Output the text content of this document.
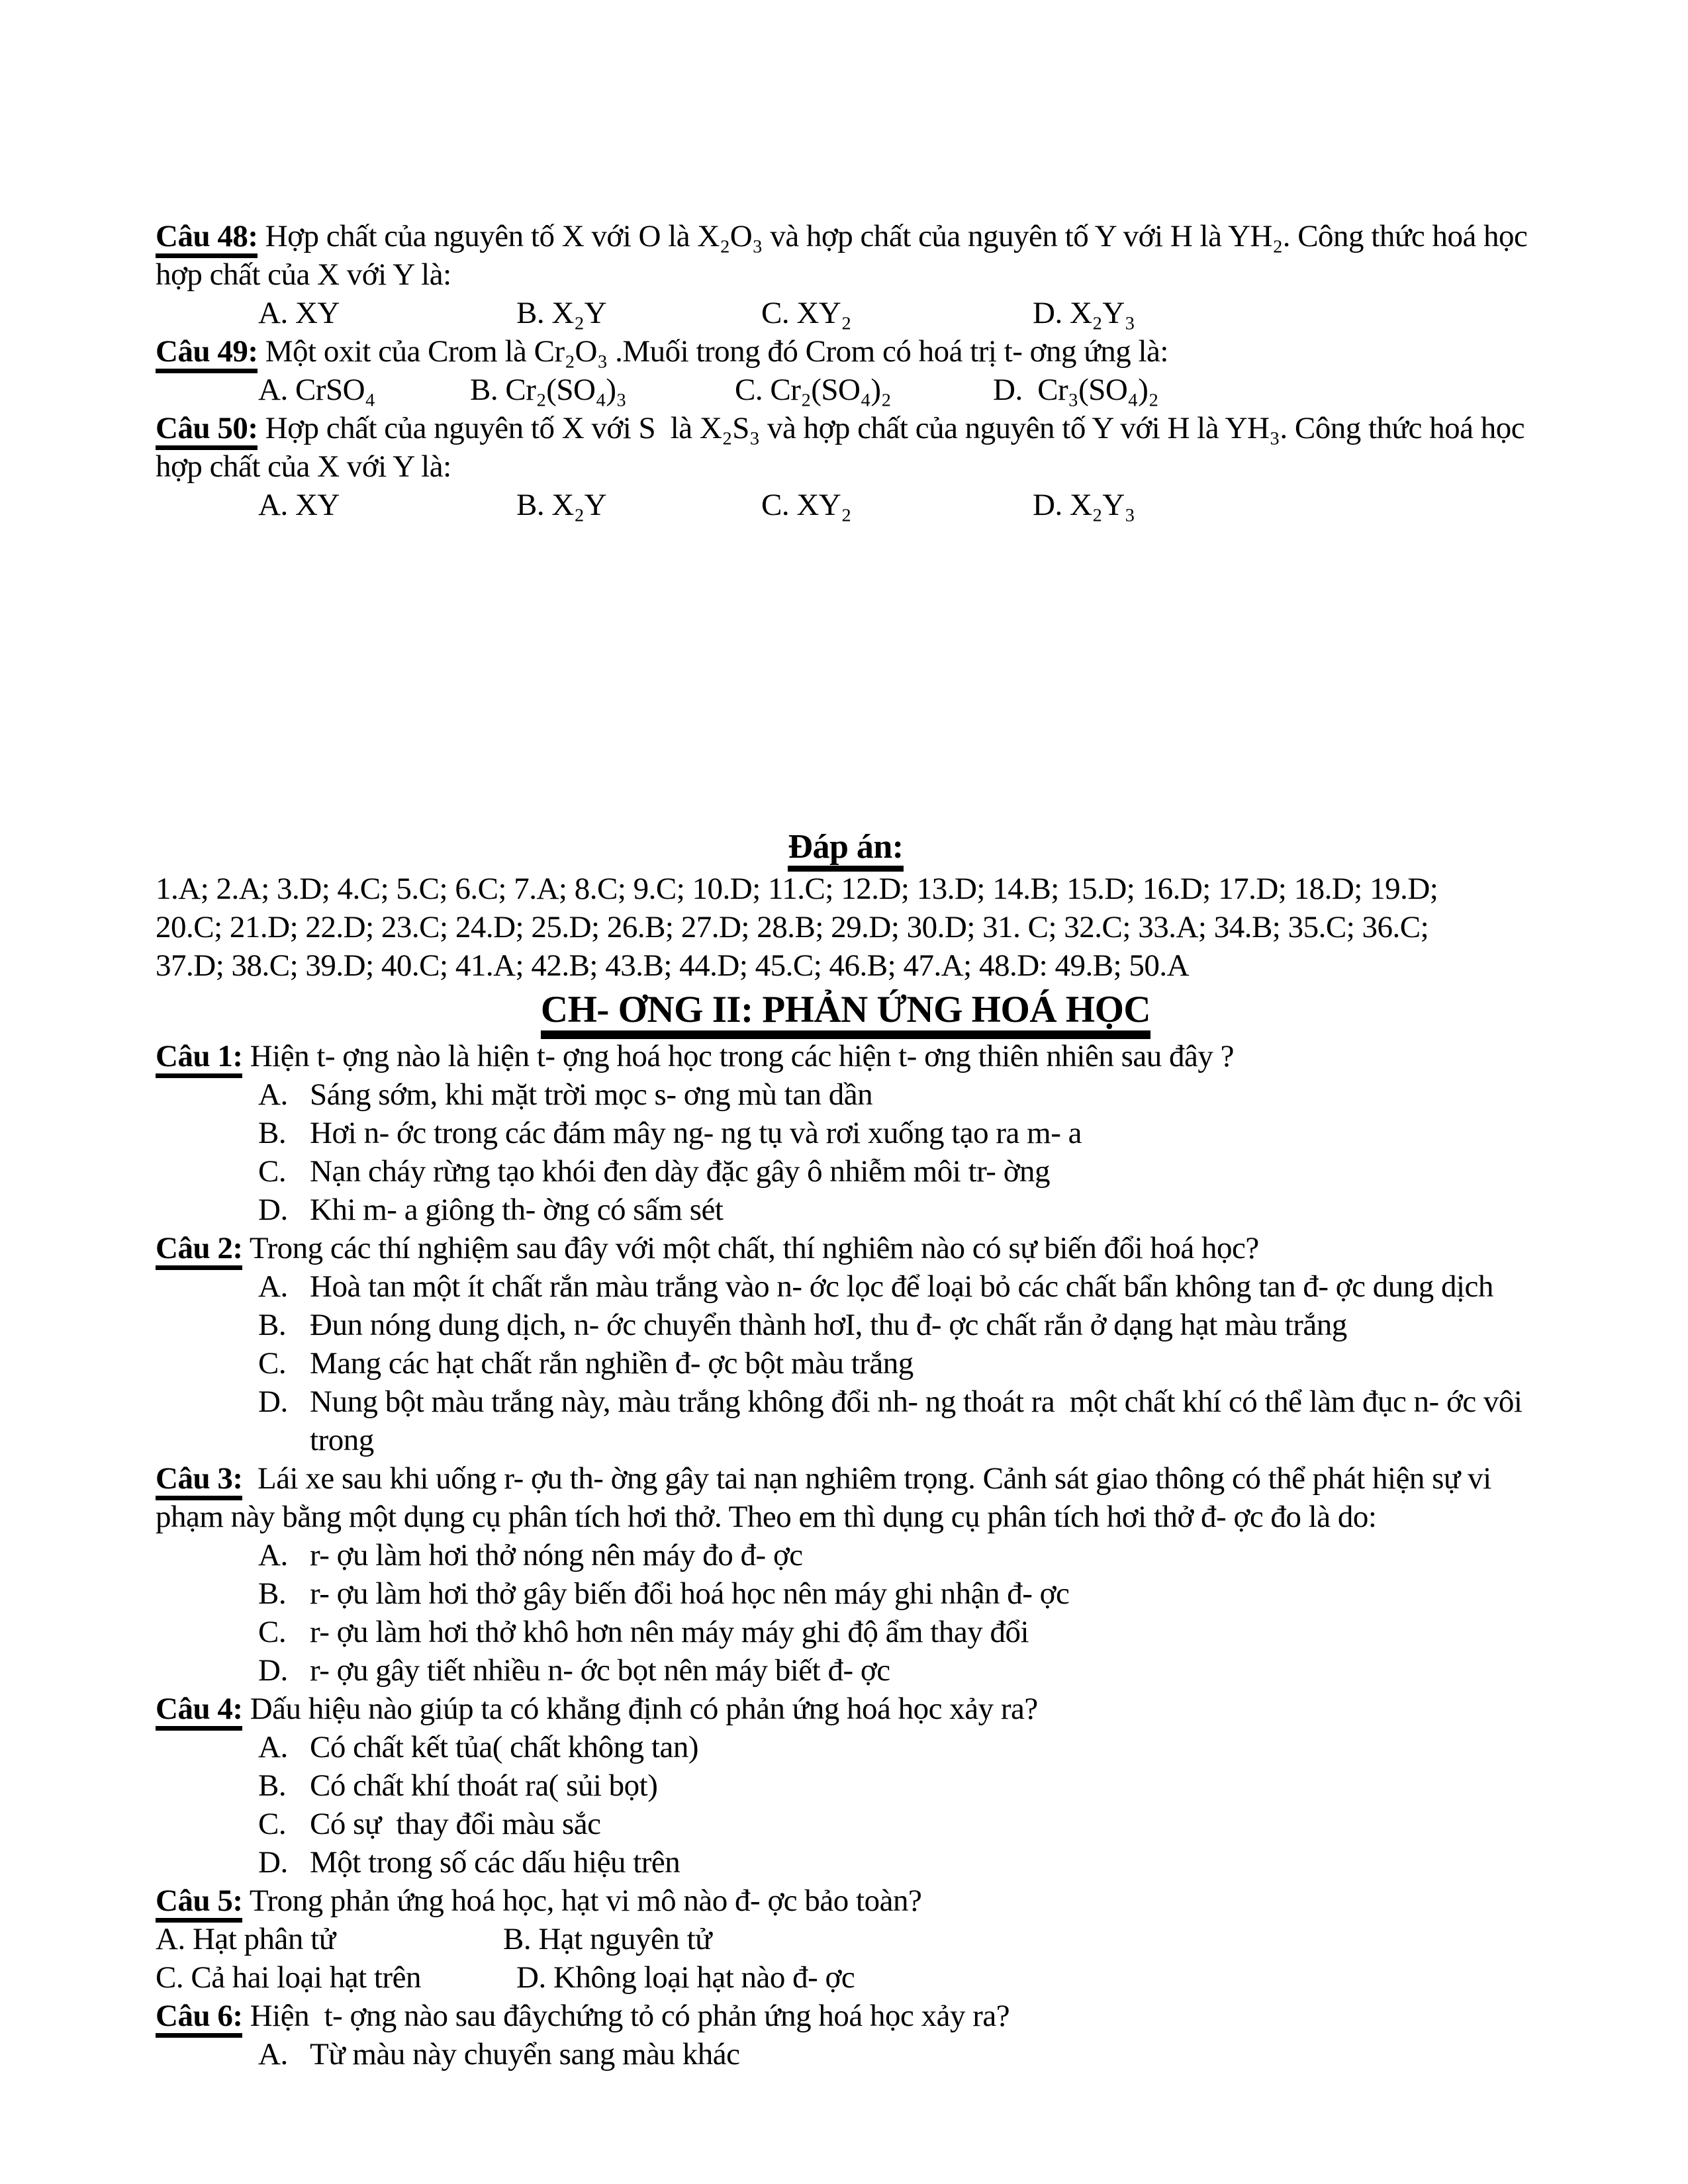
Câu 48: Hợp chất của nguyên tố X với O là X₂O₃ và hợp chất của nguyên tố Y với H là YH₂. Công thức hoá học hợp chất của X với Y là:

A. XY	B. X₂Y	C. XY₂	D. X₂Y₃

Câu 49: Một oxit của Crom là Cr₂O₃ .Muối trong đó Crom có hoá trị t- ơng ứng là:

A. CrSO₄	B. Cr₂(SO₄)₃	C. Cr₂(SO₄)₂	D.  Cr₃(SO₄)₂

Câu 50: Hợp chất của nguyên tố X với S  là X₂S₃ và hợp chất của nguyên tố Y với H là YH₃. Công thức hoá học hợp chất của X với Y là:

A. XY	B. X₂Y	C. XY₂	D. X₂Y₃

Đáp án:

1.A; 2.A; 3.D; 4.C; 5.C; 6.C; 7.A; 8.C; 9.C; 10.D; 11.C; 12.D; 13.D; 14.B; 15.D; 16.D; 17.D; 18.D; 19.D;

20.C; 21.D; 22.D; 23.C; 24.D; 25.D; 26.B; 27.D; 28.B; 29.D; 30.D; 31. C; 32.C; 33.A; 34.B; 35.C; 36.C;

37.D; 38.C; 39.D; 40.C; 41.A; 42.B; 43.B; 44.D; 45.C; 46.B; 47.A; 48.D: 49.B; 50.A

CH- ƠNG II: PHẢN ỨNG HOÁ HỌC

Câu 1: Hiện t- ợng nào là hiện t- ợng hoá học trong các hiện t- ơng thiên nhiên sau đây ?

A. Sáng sớm, khi mặt trời mọc s- ơng mù tan dần
B. Hơi n- ớc trong các đám mây ng- ng tụ và rơi xuống tạo ra m- a
C. Nạn cháy rừng tạo khói đen dày đặc gây ô nhiễm môi tr- ờng
D. Khi m- a giông th- ờng có sấm sét

Câu 2: Trong các thí nghiệm sau đây với một chất, thí nghiêm nào có sự biến đổi hoá học?

A. Hoà tan một ít chất rắn màu trắng vào n- ớc lọc để loại bỏ các chất bẩn không tan đ- ợc dung dịch
B. Đun nóng dung dịch, n- ớc chuyển thành hơI, thu đ- ợc chất rắn ở dạng hạt màu trắng
C. Mang các hạt chất rắn nghiền đ- ợc bột màu trắng
D. Nung bột màu trắng này, màu trắng không đổi nh- ng thoát ra  một chất khí có thể làm đục n- ớc vôi trong

Câu 3:  Lái xe sau khi uống r- ợu th- ờng gây tai nạn nghiêm trọng. Cảnh sát giao thông có thể phát hiện sự vi phạm này bằng một dụng cụ phân tích hơi thở. Theo em thì dụng cụ phân tích hơi thở đ- ợc đo là do:

A. r- ợu làm hơi thở nóng nên máy đo đ- ợc
B. r- ợu làm hơi thở gây biến đổi hoá học nên máy ghi nhận đ- ợc
C. r- ợu làm hơi thở khô hơn nên máy máy ghi độ ẩm thay đổi
D. r- ợu gây tiết nhiều n- ớc bọt nên máy biết đ- ợc

Câu 4: Dấu hiệu nào giúp ta có khẳng định có phản ứng hoá học xảy ra?

A. Có chất kết tủa( chất không tan)
B. Có chất khí thoát ra( sủi bọt)
C. Có sự  thay đổi màu sắc
D. Một trong số các dấu hiệu trên

Câu 5: Trong phản ứng hoá học, hạt vi mô nào đ- ợc bảo toàn?

A. Hạt phân tử	B. Hạt nguyên tử
C. Cả hai loại hạt trên	D. Không loại hạt nào đ- ợc

Câu 6: Hiện  t- ợng nào sau đâychứng tỏ có phản ứng hoá học xảy ra?

A. Từ màu này chuyển sang màu khác
